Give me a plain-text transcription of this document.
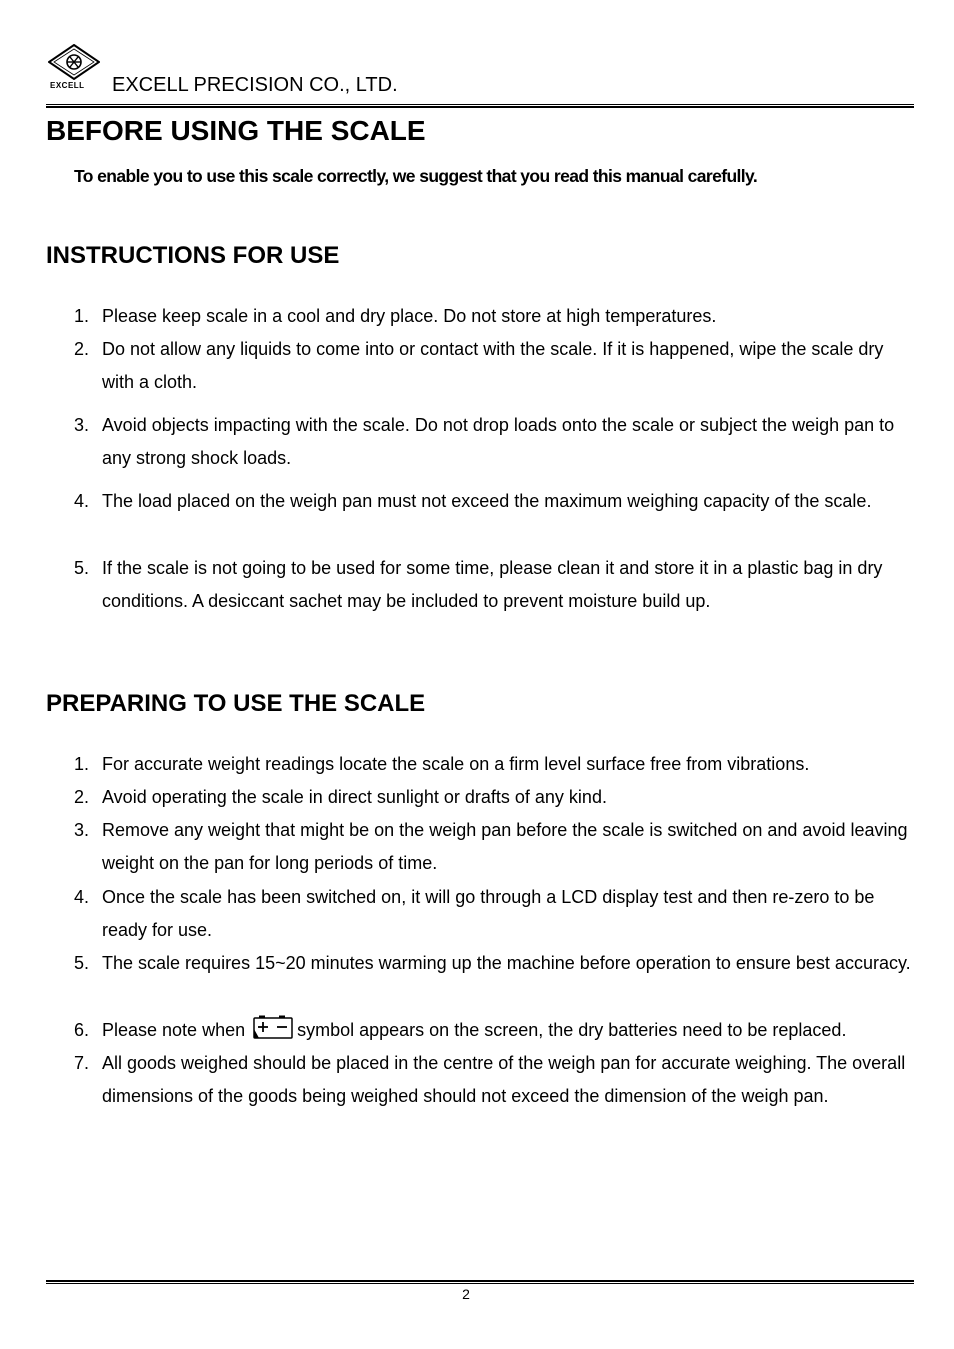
EXCELL EXCELL PRECISION CO., LTD.
BEFORE USING THE SCALE
To enable you to use this scale correctly, we suggest that you read this manual carefully.
INSTRUCTIONS FOR USE
1. Please keep scale in a cool and dry place. Do not store at high temperatures.
2. Do not allow any liquids to come into or contact with the scale. If it is happened, wipe the scale dry with a cloth.
3. Avoid objects impacting with the scale. Do not drop loads onto the scale or subject the weigh pan to any strong shock loads.
4. The load placed on the weigh pan must not exceed the maximum weighing capacity of the scale.
5. If the scale is not going to be used for some time, please clean it and store it in a plastic bag in dry conditions. A desiccant sachet may be included to prevent moisture build up.
PREPARING TO USE THE SCALE
1. For accurate weight readings locate the scale on a firm level surface free from vibrations.
2. Avoid operating the scale in direct sunlight or drafts of any kind.
3. Remove any weight that might be on the weigh pan before the scale is switched on and avoid leaving weight on the pan for long periods of time.
4. Once the scale has been switched on, it will go through a LCD display test and then re-zero to be ready for use.
5. The scale requires 15~20 minutes warming up the machine before operation to ensure best accuracy.
6. Please note when	symbol appears on the screen, the dry batteries need to be replaced.
7. All goods weighed should be placed in the centre of the weigh pan for accurate weighing. The overall dimensions of the goods being weighed should not exceed the dimension of the weigh pan.
2
